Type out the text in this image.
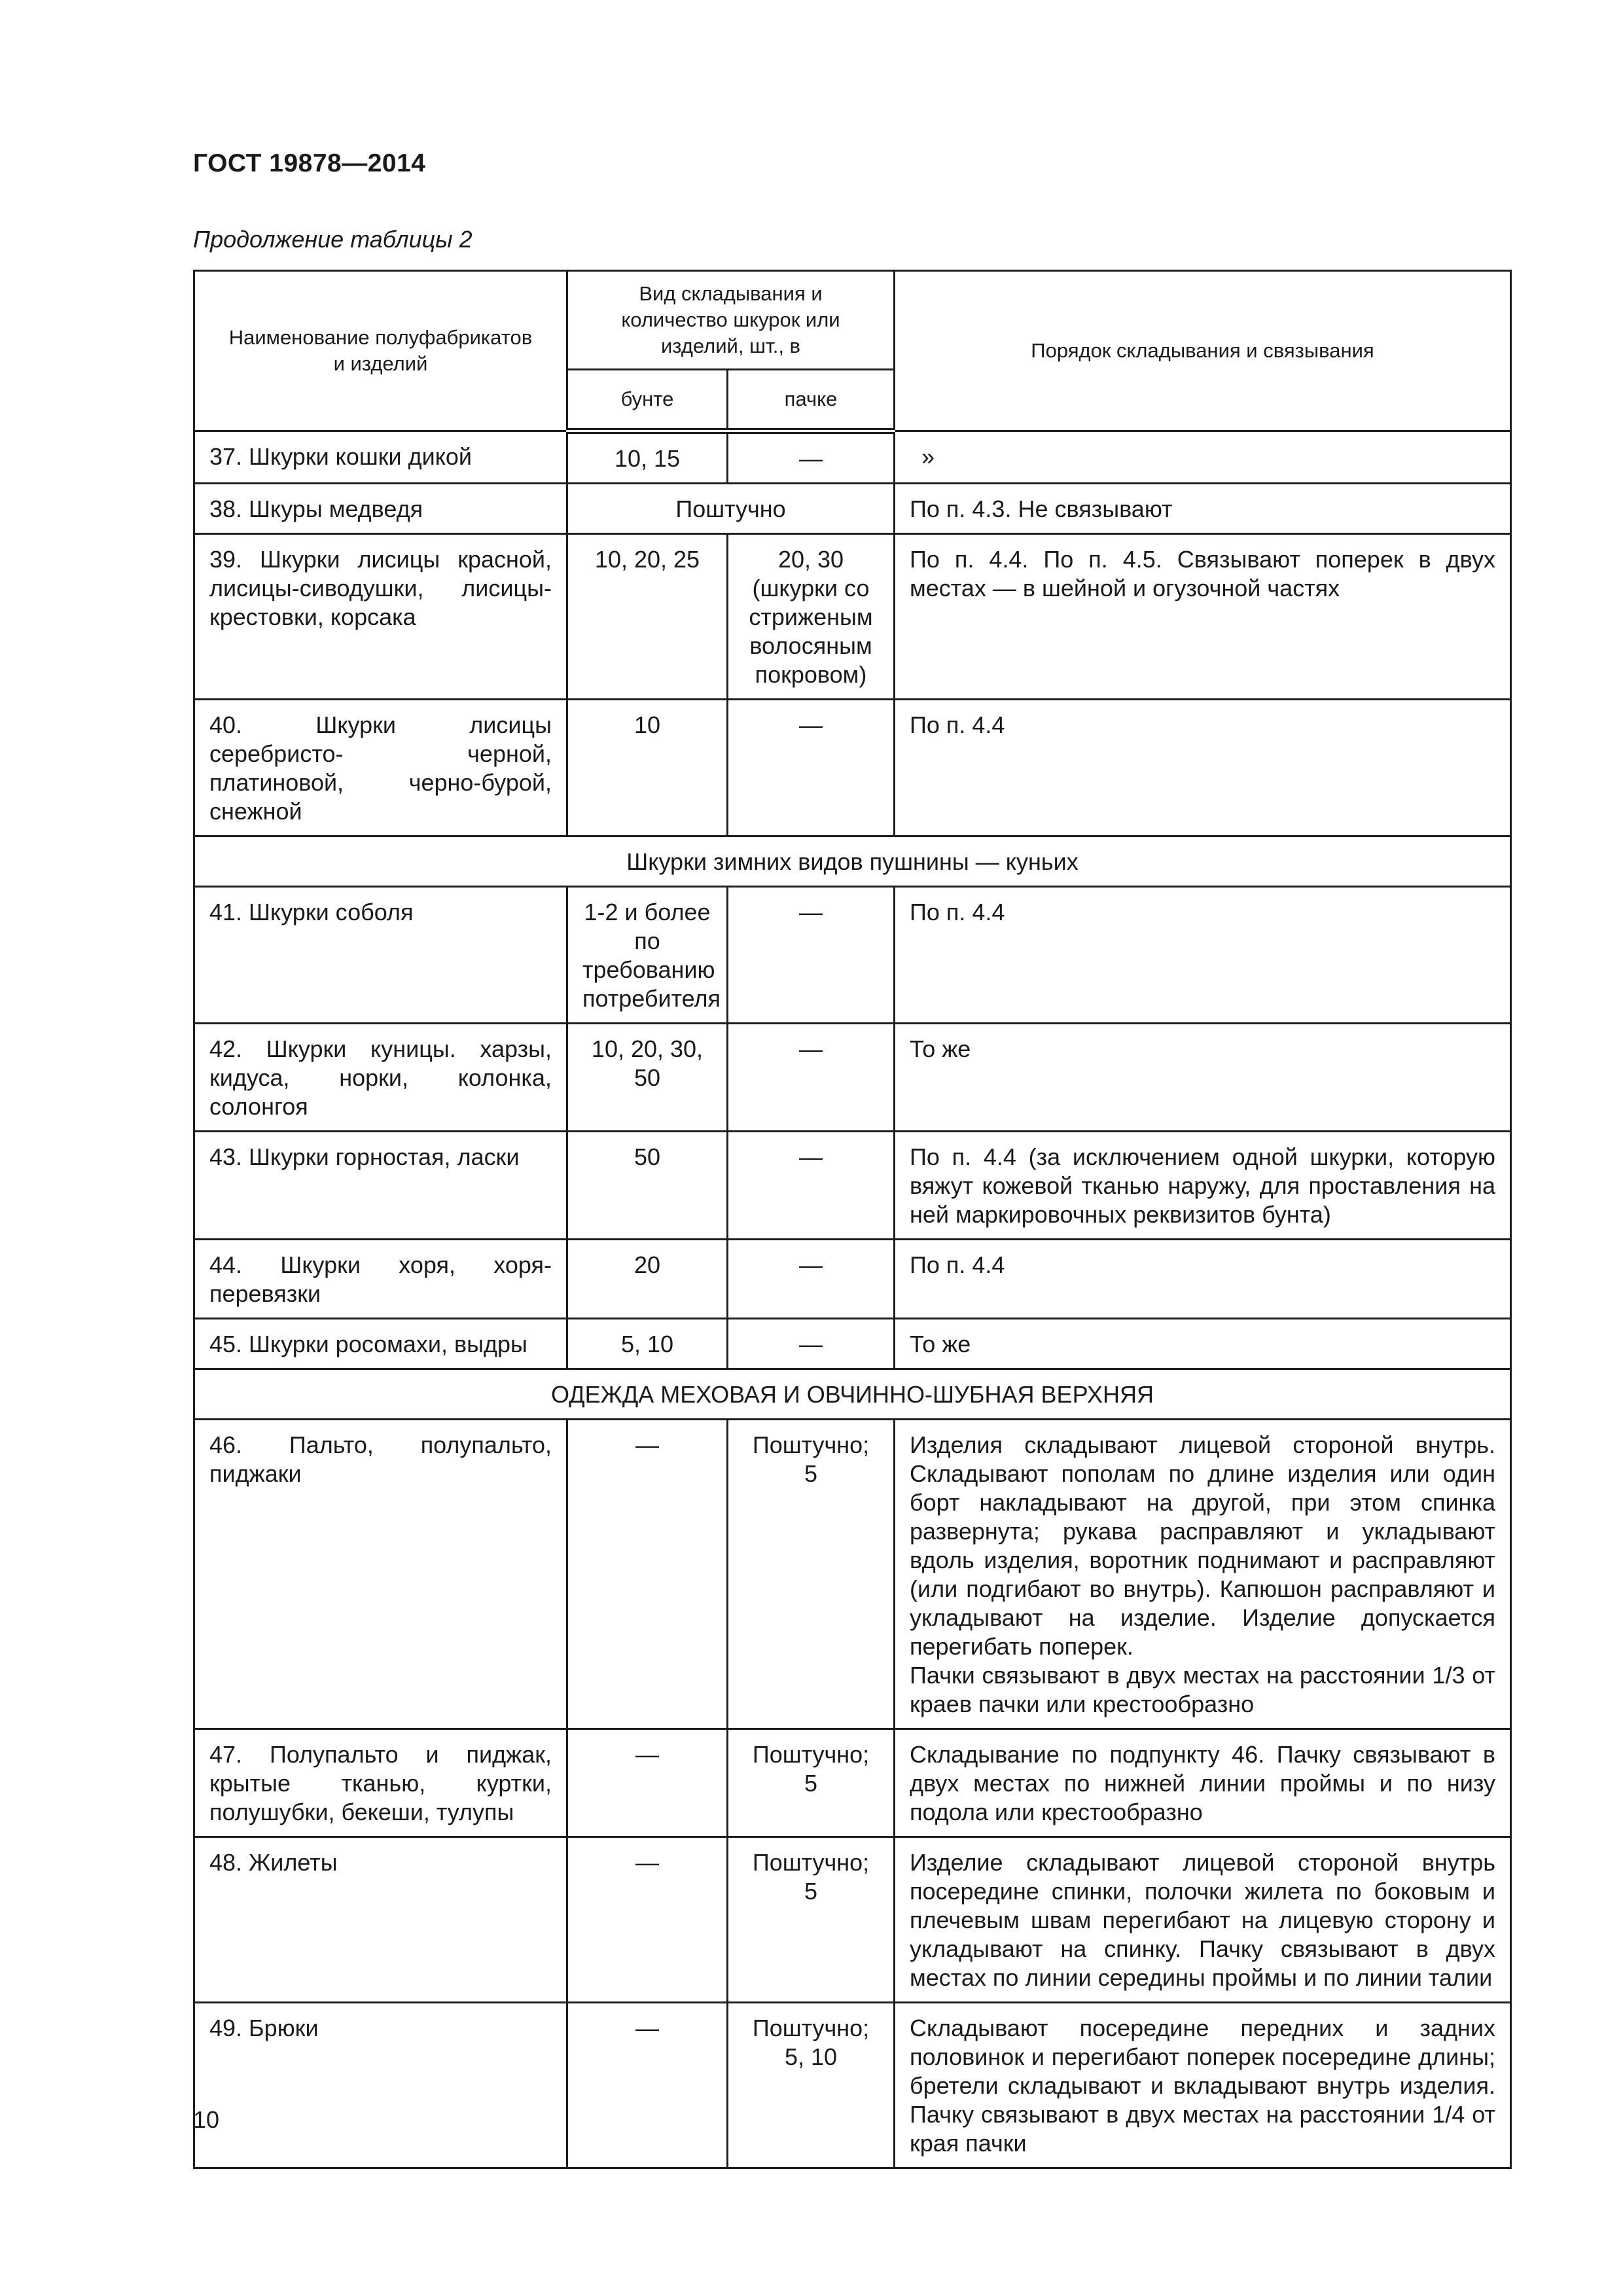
ГОСТ 19878—2014
Продолжение таблицы 2
Наименование полуфабрикатов и изделий	Вид складывания и количество шкурок или изделий, шт., в		Порядок складывания и связывания
	бунте	пачке	
37. Шкурки кошки дикой	10, 15	—	»
38. Шкуры медведя	Поштучно		По п. 4.3. Не связывают
39. Шкурки лисицы красной, лисицы-сиводушки, лисицы-крестовки, корсака	10, 20, 25	20, 30 (шкурки со стриженым волосяным покровом)	По п. 4.4. По п. 4.5. Связывают поперек в двух местах — в шейной и огузочной частях
40. Шкурки лисицы серебристо- черной, платиновой, черно-бурой, снежной	10	—	По п. 4.4
Шкурки зимних видов пушнины — куньих			
41. Шкурки соболя	1-2 и более по требованию потребителя	—	По п. 4.4
42. Шкурки куницы. харзы, кидуса, норки, колонка, солонгоя	10, 20, 30, 50	—	То же
43. Шкурки горностая, ласки	50	—	По п. 4.4 (за исключением одной шкурки, которую вяжут кожевой тканью наружу, для проставления на ней маркировочных реквизитов бунта)
44. Шкурки хоря, хоря-перевязки	20	—	По п. 4.4
45. Шкурки росомахи, выдры	5, 10	—	То же
ОДЕЖДА МЕХОВАЯ И ОВЧИННО-ШУБНАЯ ВЕРХНЯЯ			
46. Пальто, полупальто, пиджаки	—	Поштучно; 5	Изделия складывают лицевой стороной внутрь. Складывают пополам по длине изделия или один борт накладывают на другой, при этом спинка развернута; рукава расправляют и укладывают вдоль изделия, воротник поднимают и расправляют (или подгибают во внутрь). Капюшон расправляют и укладывают на изделие. Изделие допускается перегибать поперек.
Пачки связывают в двух местах на расстоянии 1/3 от краев пачки или крестообразно

47. Полупальто и пиджак, крытые тканью, куртки, полушубки, бекеши, тулупы	—	Поштучно; 5	Складывание по подпункту 46. Пачку связывают в двух местах по нижней линии проймы и по низу подола или крестообразно
48. Жилеты	—	Поштучно; 5	Изделие складывают лицевой стороной внутрь посередине спинки, полочки жилета по боковым и плечевым швам перегибают на лицевую сторону и укладывают на спинку. Пачку связывают в двух местах по линии середины проймы и по линии талии
49. Брюки	—	Поштучно; 5, 10	Складывают посередине передних и задних половинок и перегибают поперек посередине длины; бретели складывают и вкладывают внутрь изделия. Пачку связывают в двух местах на расстоянии 1/4 от края пачки
10
